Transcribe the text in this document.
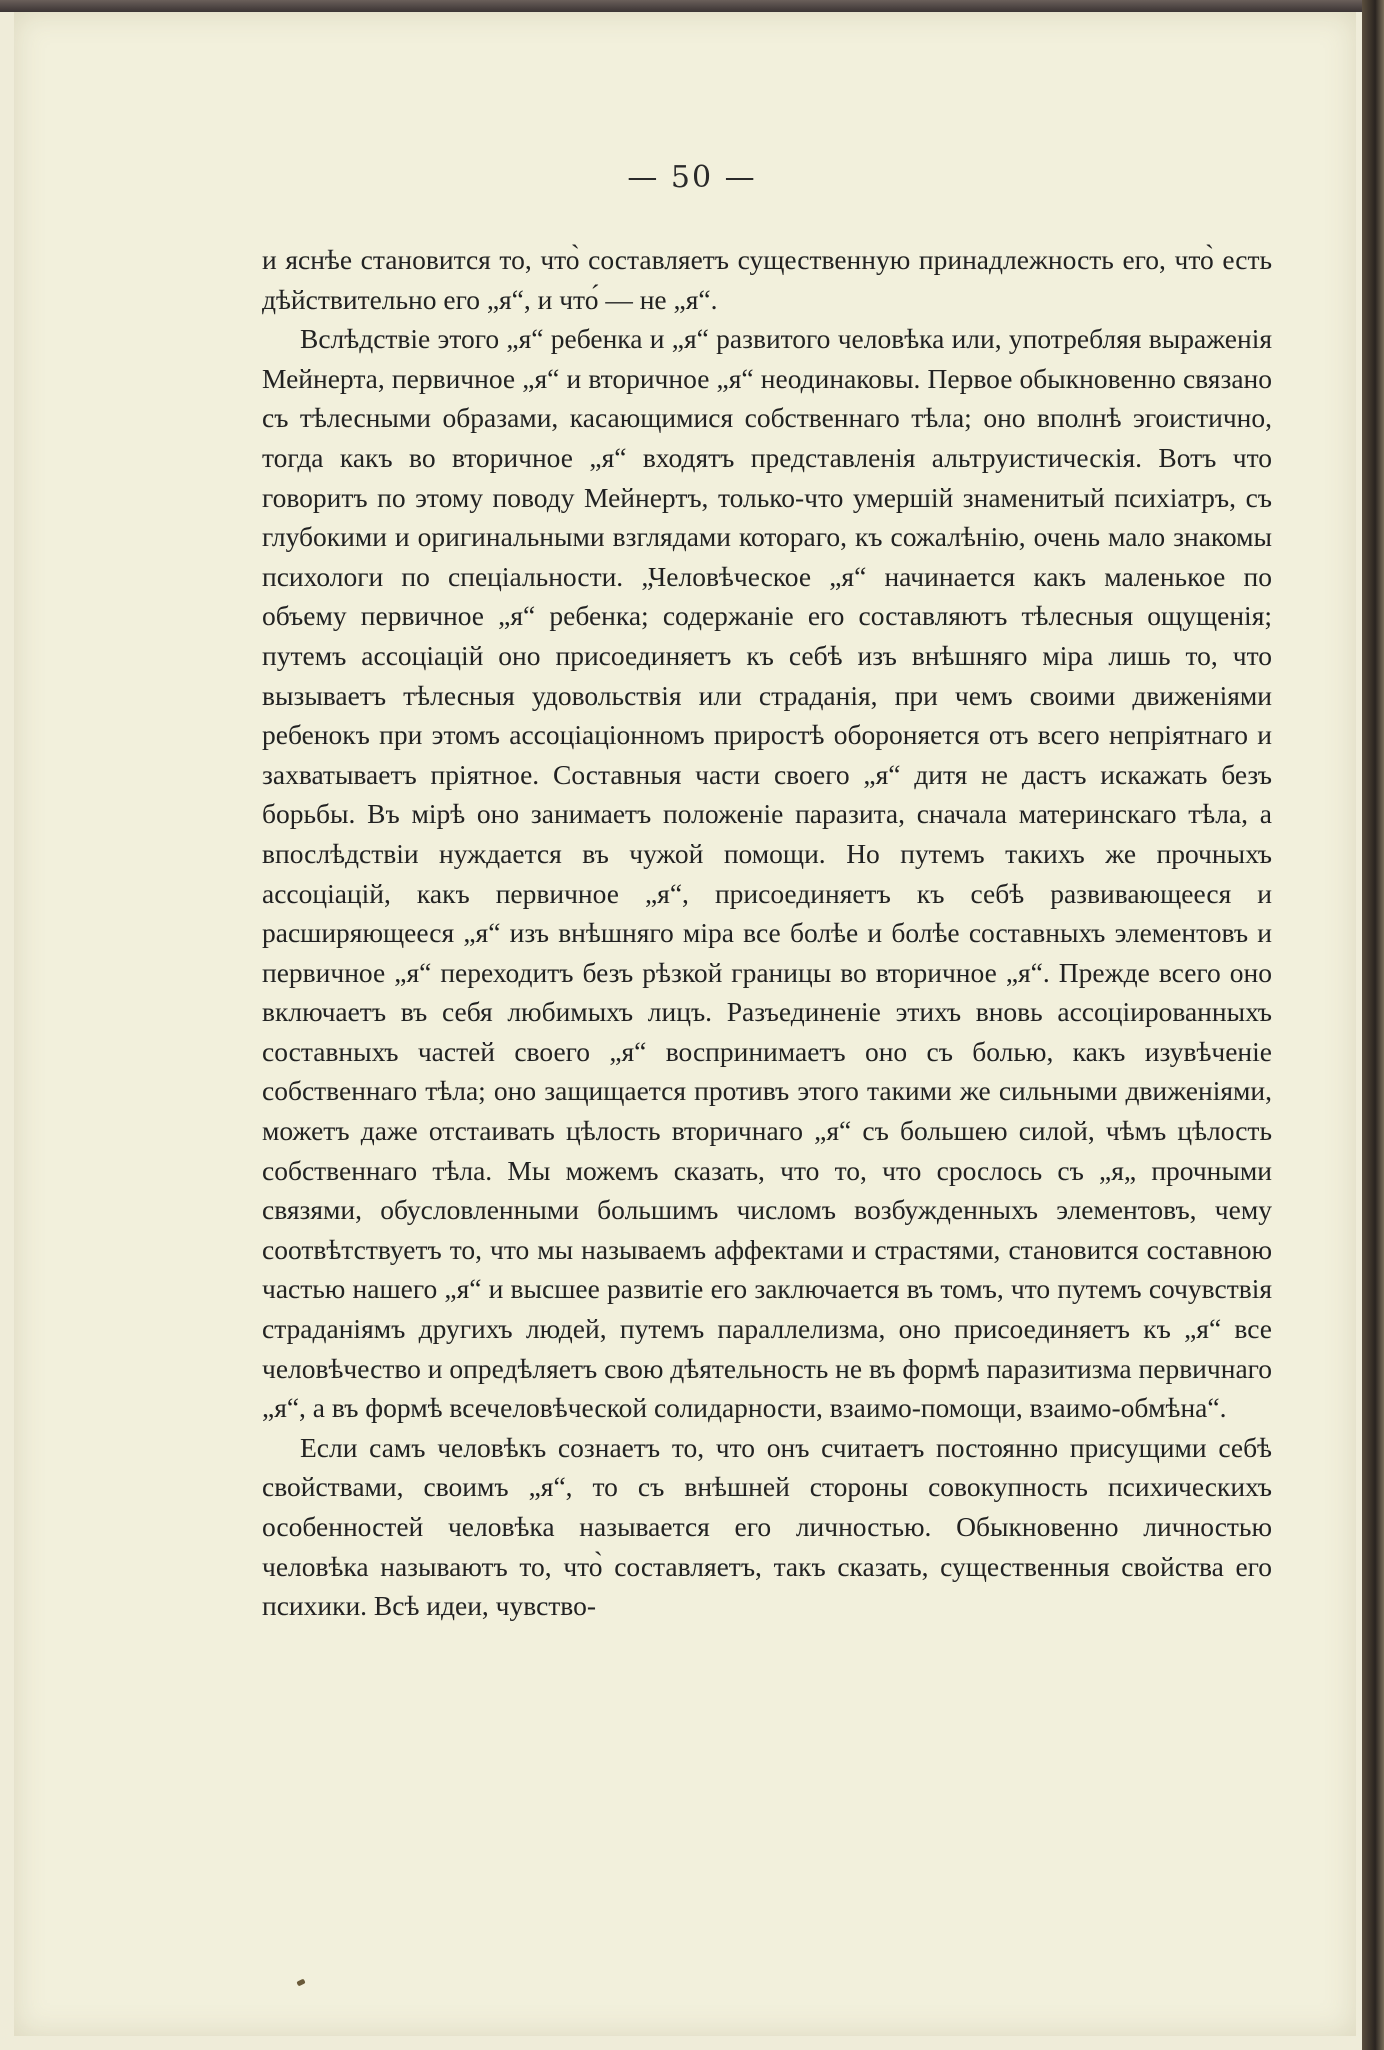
— 50 —

и яснѣе становится то, что̀ составляетъ существенную принадлежность его, что̀ есть дѣйствительно его „я“, и что́ — не „я“.

Вслѣдствіе этого „я“ ребенка и „я“ развитого человѣка или, употребляя выраженія Мейнерта, первичное „я“ и вторичное „я“ неодинаковы. Первое обыкновенно связано съ тѣлесными образами, касающимися собственнаго тѣла; оно вполнѣ эгоистично, тогда какъ во вторичное „я“ входятъ представленія альтруистическія. Вотъ что говоритъ по этому поводу Мейнертъ, только-что умершій знаменитый психіатръ, съ глубокими и оригинальными взглядами котораго, къ сожалѣнію, очень мало знакомы психологи по спеціальности. „Человѣческое „я“ начинается какъ маленькое по объему первичное „я“ ребенка; содержаніе его составляютъ тѣлесныя ощущенія; путемъ ассоціацій оно присоединяетъ къ себѣ изъ внѣшняго міра лишь то, что вызываетъ тѣлесныя удовольствія или страданія, при чемъ своими движеніями ребенокъ при этомъ ассоціаціонномъ приростѣ обороняется отъ всего непріятнаго и захватываетъ пріятное. Составныя части своего „я“ дитя не дастъ искажать безъ борьбы. Въ мірѣ оно занимаетъ положеніе паразита, сначала материнскаго тѣла, а впослѣдствіи нуждается въ чужой помощи. Но путемъ такихъ же прочныхъ ассоціацій, какъ первичное „я“, присоединяетъ къ себѣ развивающееся и расширяющееся „я“ изъ внѣшняго міра все болѣе и болѣе составныхъ элементовъ и первичное „я“ переходитъ безъ рѣзкой границы во вторичное „я“. Прежде всего оно включаетъ въ себя любимыхъ лицъ. Разъединеніе этихъ вновь ассоціированныхъ составныхъ частей своего „я“ воспринимаетъ оно съ болью, какъ изувѣченіе собственнаго тѣла; оно защищается противъ этого такими же сильными движеніями, можетъ даже отстаивать цѣлость вторичнаго „я“ съ большею силой, чѣмъ цѣлость собственнаго тѣла. Мы можемъ сказать, что то, что срослось съ „я„ прочными связями, обусловленными большимъ числомъ возбужденныхъ элементовъ, чему соотвѣтствуетъ то, что мы называемъ аффектами и страстями, становится составною частью нашего „я“ и высшее развитіе его заключается въ томъ, что путемъ сочувствія страданіямъ другихъ людей, путемъ параллелизма, оно присоединяетъ къ „я“ все человѣчество и опредѣляетъ свою дѣятельность не въ формѣ паразитизма первичнаго „я“, а въ формѣ всечеловѣческой солидарности, взаимо-помощи, взаимо-обмѣна“.

Если самъ человѣкъ сознаетъ то, что онъ считаетъ постоянно присущими себѣ свойствами, своимъ „я“, то съ внѣшней стороны совокупность психическихъ особенностей человѣка называется его личностью. Обыкновенно личностью человѣка называютъ то, что̀ составляетъ, такъ сказать, существенныя свойства его психики. Всѣ идеи, чувство-
